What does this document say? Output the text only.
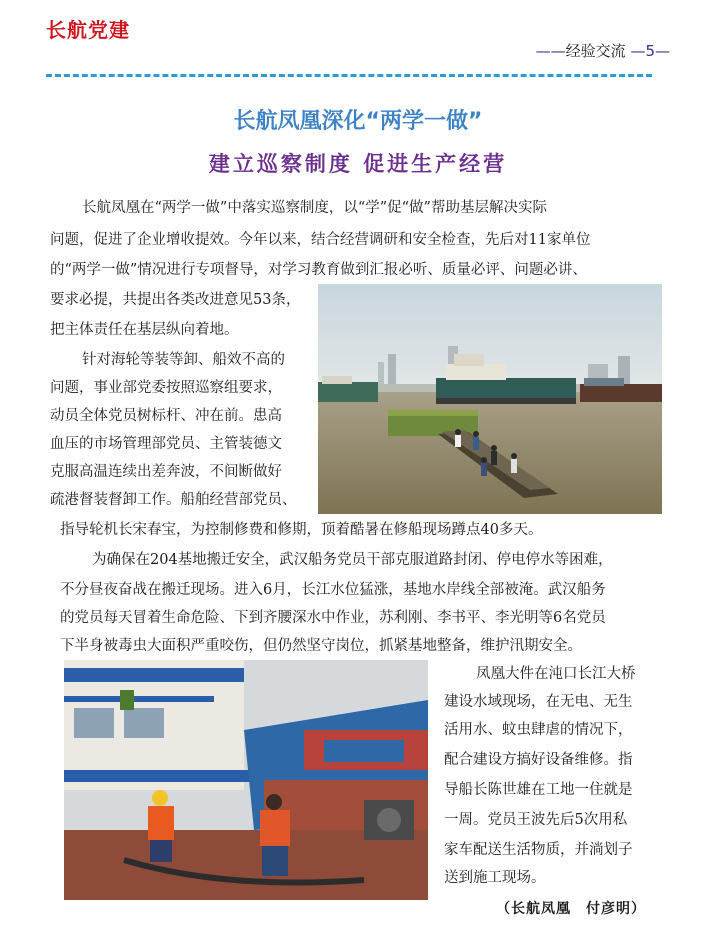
长航党建
——经验交流 —5—
长航凤凰深化“两学一做”
建立巡察制度 促进生产经营
长航凤凰在“两学一做”中落实巡察制度，以“学”促“做”帮助基层解决实际
问题，促进了企业增收提效。今年以来，结合经营调研和安全检查，先后对11家单位
的“两学一做”情况进行专项督导，对学习教育做到汇报必听、质量必评、问题必讲、
要求必提，共提出各类改进意见53条，
把主体责任在基层纵向着地。
针对海轮等装等卸、船效不高的
问题，事业部党委按照巡察组要求，
动员全体党员树标杆、冲在前。患高
血压的市场管理部党员、主管装德文
克服高温连续出差奔波，不间断做好
疏港督装督卸工作。船舶经营部党员、
指导轮机长宋春宝，为控制修费和修期，顶着酷暑在修船现场蹲点40多天。
为确保在204基地搬迁安全，武汉船务党员干部克服道路封闭、停电停水等困难，
不分昼夜奋战在搬迁现场。进入6月，长江水位猛涨，基地水岸线全部被淹。武汉船务
的党员每天冒着生命危险、下到齐腰深水中作业，苏利刚、李书平、李光明等6名党员
下半身被毒虫大面积严重咬伤，但仍然坚守岗位，抓紧基地整备，维护汛期安全。
凤凰大件在沌口长江大桥
建设水域现场，在无电、无生
活用水、蚊虫肆虐的情况下，
配合建设方搞好设备维修。指
导船长陈世雄在工地一住就是
一周。党员王波先后5次用私
家车配送生活物质，并淌划子
送到施工现场。
（长航凤凰　付彦明）
